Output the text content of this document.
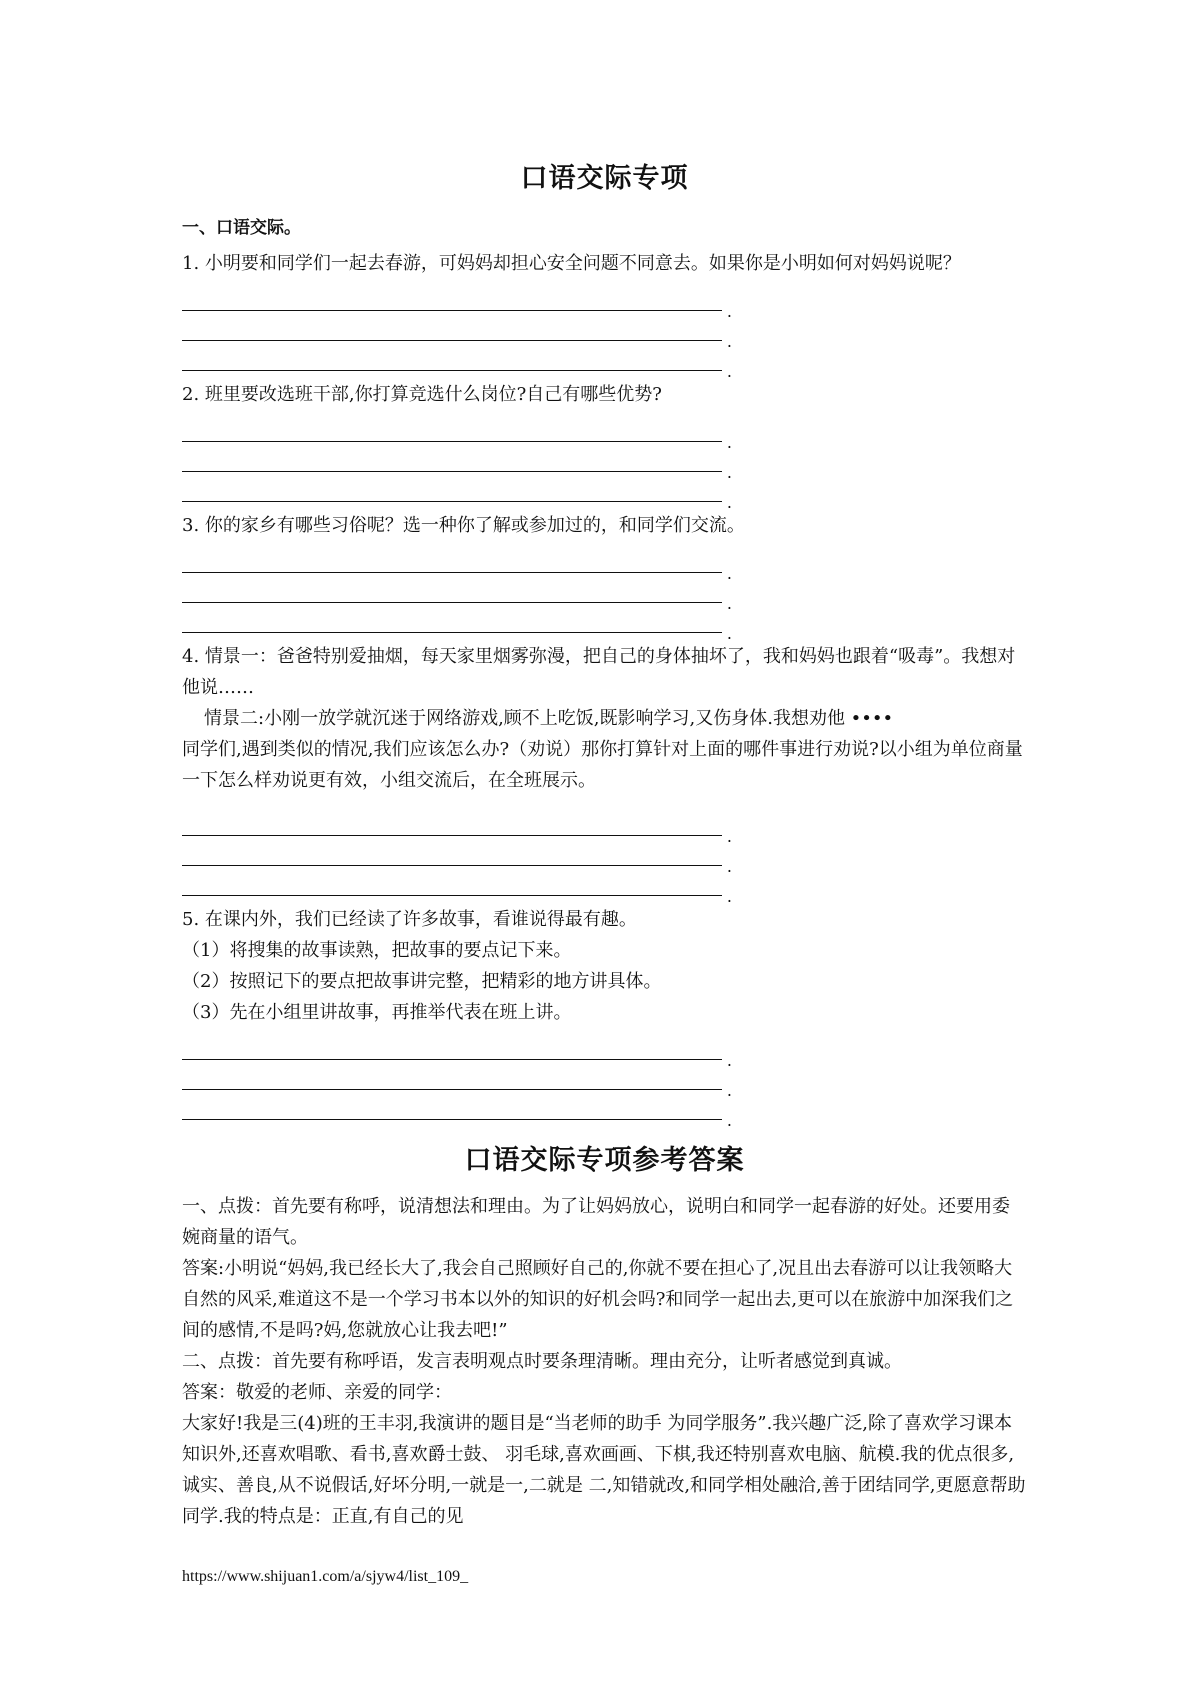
口语交际专项
一、口语交际。

1. 小明要和同学们一起去春游，可妈妈却担心安全问题不同意去。如果你是小明如何对妈妈说呢？

.
.
.

2. 班里要改选班干部,你打算竞选什么岗位?自己有哪些优势?

.
.
.

3. 你的家乡有哪些习俗呢？选一种你了解或参加过的，和同学们交流。

.
.
.

4. 情景一：爸爸特别爱抽烟，每天家里烟雾弥漫，把自己的身体抽坏了，我和妈妈也跟着“吸毒”。我想对他说……

情景二:小刚一放学就沉迷于网络游戏,顾不上吃饭,既影响学习,又伤身体.我想劝他 ••••

同学们,遇到类似的情况,我们应该怎么办?（劝说）那你打算针对上面的哪件事进行劝说?以小组为单位商量一下怎么样劝说更有效，小组交流后，在全班展示。

.
.
.

5. 在课内外，我们已经读了许多故事，看谁说得最有趣。

（1）将搜集的故事读熟，把故事的要点记下来。

（2）按照记下的要点把故事讲完整，把精彩的地方讲具体。

（3）先在小组里讲故事，再推举代表在班上讲。

.
.
.
口语交际专项参考答案

一、点拨：首先要有称呼，说清想法和理由。为了让妈妈放心，说明白和同学一起春游的好处。还要用委婉商量的语气。

答案:小明说“妈妈,我已经长大了,我会自己照顾好自己的,你就不要在担心了,况且出去春游可以让我领略大自然的风采,难道这不是一个学习书本以外的知识的好机会吗?和同学一起出去,更可以在旅游中加深我们之间的感情,不是吗?妈,您就放心让我去吧!”

二、点拨：首先要有称呼语，发言表明观点时要条理清晰。理由充分，让听者感觉到真诚。

答案：敬爱的老师、亲爱的同学：

大家好!我是三(4)班的王丰羽,我演讲的题目是“当老师的助手 为同学服务”.我兴趣广泛,除了喜欢学习课本知识外,还喜欢唱歌、看书,喜欢爵士鼓、 羽毛球,喜欢画画、下棋,我还特别喜欢电脑、航模.我的优点很多,诚实、善良,从不说假话,好坏分明,一就是一,二就是 二,知错就改,和同学相处融洽,善于团结同学,更愿意帮助同学.我的特点是：正直,有自己的见

https://www.shijuan1.com/a/sjyw4/list_109_
